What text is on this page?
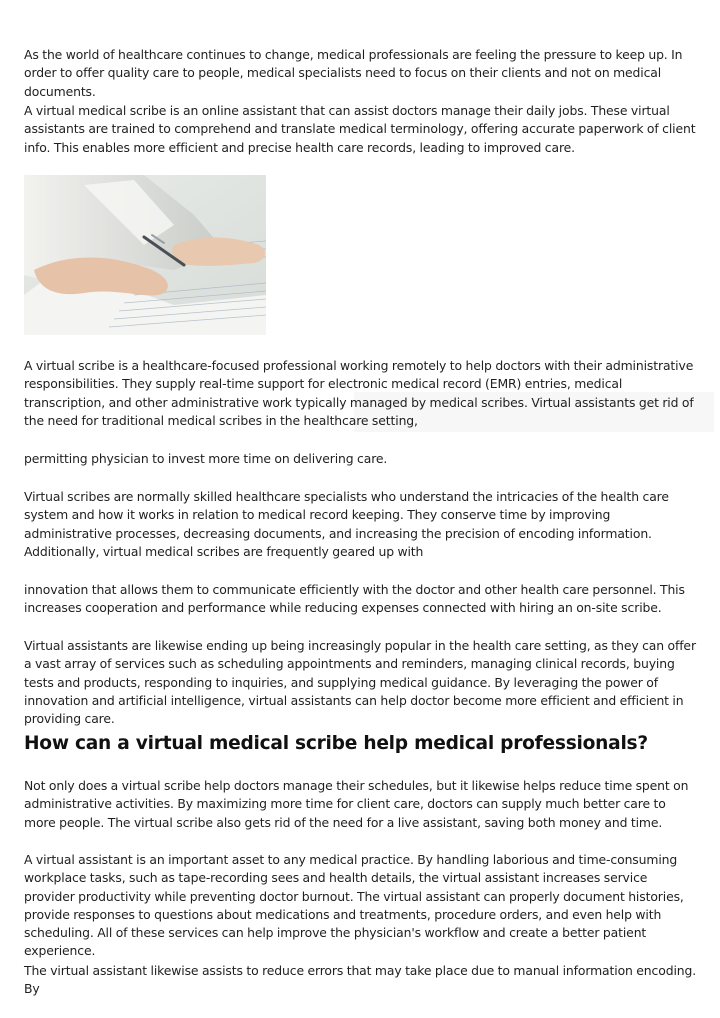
As the world of healthcare continues to change, medical professionals are feeling the pressure to keep up. In order to offer quality care to people, medical specialists need to focus on their clients and not on medical documents.

A virtual medical scribe is an online assistant that can assist doctors manage their daily jobs. These virtual assistants are trained to comprehend and translate medical terminology, offering accurate paperwork of client info. This enables more efficient and precise health care records, leading to improved care.

A virtual scribe is a healthcare-focused professional working remotely to help doctors with their administrative responsibilities. They supply real-time support for electronic medical record (EMR) entries, medical transcription, and other administrative work typically managed by medical scribes. Virtual assistants get rid of the need for traditional medical scribes in the healthcare setting,

permitting physician to invest more time on delivering care.

Virtual scribes are normally skilled healthcare specialists who understand the intricacies of the health care system and how it works in relation to medical record keeping. They conserve time by improving administrative processes, decreasing documents, and increasing the precision of encoding information. Additionally, virtual medical scribes are frequently geared up with

innovation that allows them to communicate efficiently with the doctor and other health care personnel. This increases cooperation and performance while reducing expenses connected with hiring an on-site scribe.

Virtual assistants are likewise ending up being increasingly popular in the health care setting, as they can offer a vast array of services such as scheduling appointments and reminders, managing clinical records, buying tests and products, responding to inquiries, and supplying medical guidance. By leveraging the power of innovation and artificial intelligence, virtual assistants can help doctor become more efficient and efficient in providing care.

How can a virtual medical scribe help medical professionals?

Not only does a virtual scribe help doctors manage their schedules, but it likewise helps reduce time spent on administrative activities. By maximizing more time for client care, doctors can supply much better care to more people. The virtual scribe also gets rid of the need for a live assistant, saving both money and time.

A virtual assistant is an important asset to any medical practice. By handling laborious and time-consuming workplace tasks, such as tape-recording sees and health details, the virtual assistant increases service provider productivity while preventing doctor burnout. The virtual assistant can properly document histories, provide responses to questions about medications and treatments, procedure orders, and even help with scheduling. All of these services can help improve the physician's workflow and create a better patient experience.

The virtual assistant likewise assists to reduce errors that may take place due to manual information encoding. By
